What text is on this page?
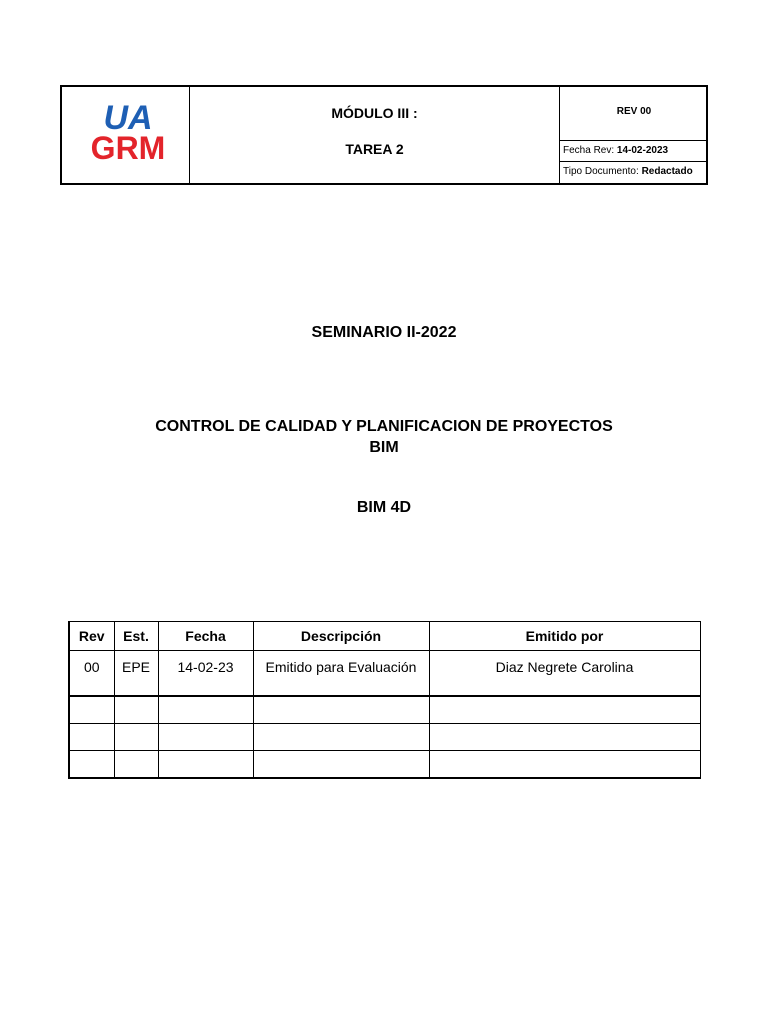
UA
GRM
MÓDULO III :
TAREA 2
REV 00
Fecha Rev: 14-02-2023
Tipo Documento: Redactado
SEMINARIO II-2022
CONTROL DE CALIDAD Y PLANIFICACION DE PROYECTOS
BIM
BIM 4D
Rev	Est.	Fecha	Descripción	Emitido por
00	EPE	14-02-23	Emitido para Evaluación	Diaz Negrete Carolina
